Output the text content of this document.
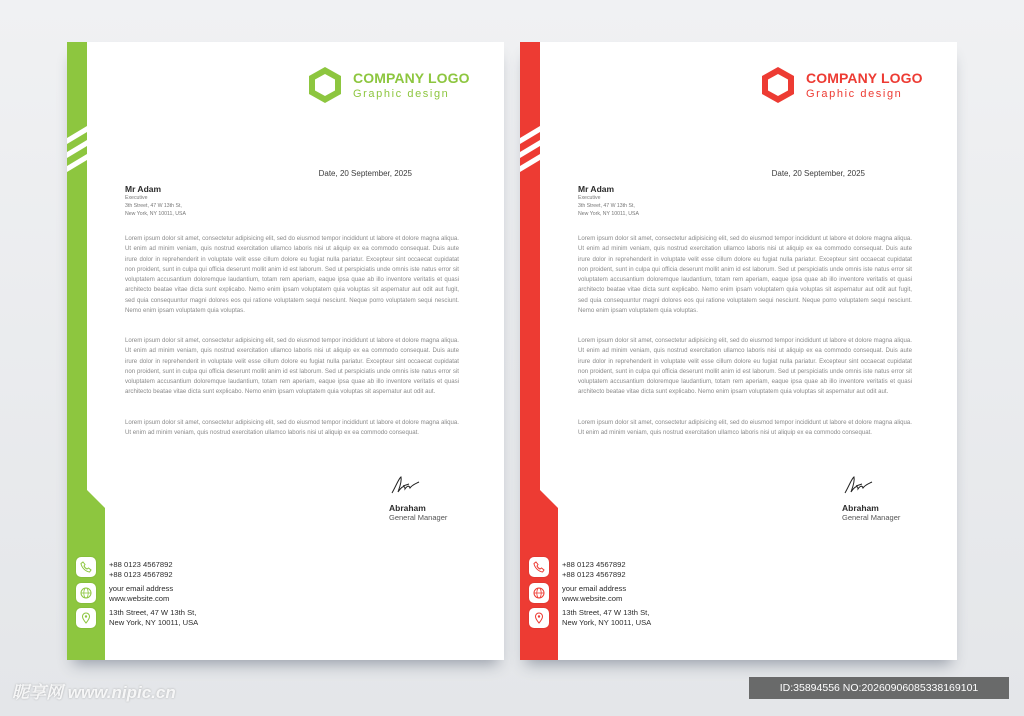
COMPANY LOGO
Graphic design
Date, 20 September, 2025
Mr Adam
Executive
3th Street, 47 W 13th St,
New York, NY 10011, USA
Lorem ipsum dolor sit amet, consectetur adipisicing elit, sed do eiusmod tempor incididunt ut labore et dolore magna aliqua. Ut enim ad minim veniam, quis nostrud exercitation ullamco laboris nisi ut aliquip ex ea commodo consequat. Duis aute irure dolor in reprehenderit in voluptate velit esse cillum dolore eu fugiat nulla pariatur. Excepteur sint occaecat cupidatat non proident, sunt in culpa qui officia deserunt mollit anim id est laborum. Sed ut perspiciatis unde omnis iste natus error sit voluptatem accusantium doloremque laudantium, totam rem aperiam, eaque ipsa quae ab illo inventore veritatis et quasi architecto beatae vitae dicta sunt explicabo. Nemo enim ipsam voluptatem quia voluptas sit aspernatur aut odit aut fugit, sed quia consequuntur magni dolores eos qui ratione voluptatem sequi nesciunt. Neque porro voluptatem sequi nesciunt. Nemo enim ipsam voluptatem quia voluptas.
Lorem ipsum dolor sit amet, consectetur adipisicing elit, sed do eiusmod tempor incididunt ut labore et dolore magna aliqua. Ut enim ad minim veniam, quis nostrud exercitation ullamco laboris nisi ut aliquip ex ea commodo consequat. Duis aute irure dolor in reprehenderit in voluptate velit esse cillum dolore eu fugiat nulla pariatur. Excepteur sint occaecat cupidatat non proident, sunt in culpa qui officia deserunt mollit anim id est laborum. Sed ut perspiciatis unde omnis iste natus error sit voluptatem accusantium doloremque laudantium, totam rem aperiam, eaque ipsa quae ab illo inventore veritatis et quasi architecto beatae vitae dicta sunt explicabo. Nemo enim ipsam voluptatem quia voluptas sit aspernatur aut odit aut.
Lorem ipsum dolor sit amet, consectetur adipisicing elit, sed do eiusmod tempor incididunt ut labore et dolore magna aliqua. Ut enim ad minim veniam, quis nostrud exercitation ullamco laboris nisi ut aliquip ex ea commodo consequat.
Abraham
General Manager
+88 0123 4567892
+88 0123 4567892
your email address
www.website.com
13th Street, 47 W 13th St,
New York, NY 10011, USA
COMPANY LOGO
Graphic design
Date, 20 September, 2025
Mr Adam
Executive
3th Street, 47 W 13th St,
New York, NY 10011, USA
Lorem ipsum dolor sit amet, consectetur adipisicing elit, sed do eiusmod tempor incididunt ut labore et dolore magna aliqua. Ut enim ad minim veniam, quis nostrud exercitation ullamco laboris nisi ut aliquip ex ea commodo consequat. Duis aute irure dolor in reprehenderit in voluptate velit esse cillum dolore eu fugiat nulla pariatur. Excepteur sint occaecat cupidatat non proident, sunt in culpa qui officia deserunt mollit anim id est laborum. Sed ut perspiciatis unde omnis iste natus error sit voluptatem accusantium doloremque laudantium, totam rem aperiam, eaque ipsa quae ab illo inventore veritatis et quasi architecto beatae vitae dicta sunt explicabo. Nemo enim ipsam voluptatem quia voluptas sit aspernatur aut odit aut fugit, sed quia consequuntur magni dolores eos qui ratione voluptatem sequi nesciunt. Neque porro voluptatem sequi nesciunt. Nemo enim ipsam voluptatem quia voluptas.
Lorem ipsum dolor sit amet, consectetur adipisicing elit, sed do eiusmod tempor incididunt ut labore et dolore magna aliqua. Ut enim ad minim veniam, quis nostrud exercitation ullamco laboris nisi ut aliquip ex ea commodo consequat. Duis aute irure dolor in reprehenderit in voluptate velit esse cillum dolore eu fugiat nulla pariatur. Excepteur sint occaecat cupidatat non proident, sunt in culpa qui officia deserunt mollit anim id est laborum. Sed ut perspiciatis unde omnis iste natus error sit voluptatem accusantium doloremque laudantium, totam rem aperiam, eaque ipsa quae ab illo inventore veritatis et quasi architecto beatae vitae dicta sunt explicabo. Nemo enim ipsam voluptatem quia voluptas sit aspernatur aut odit aut.
Lorem ipsum dolor sit amet, consectetur adipisicing elit, sed do eiusmod tempor incididunt ut labore et dolore magna aliqua. Ut enim ad minim veniam, quis nostrud exercitation ullamco laboris nisi ut aliquip ex ea commodo consequat.
Abraham
General Manager
+88 0123 4567892
+88 0123 4567892
your email address
www.website.com
13th Street, 47 W 13th St,
New York, NY 10011, USA
昵享网 www.nipic.cn	ID:35894556 NO:20260906085338169101
